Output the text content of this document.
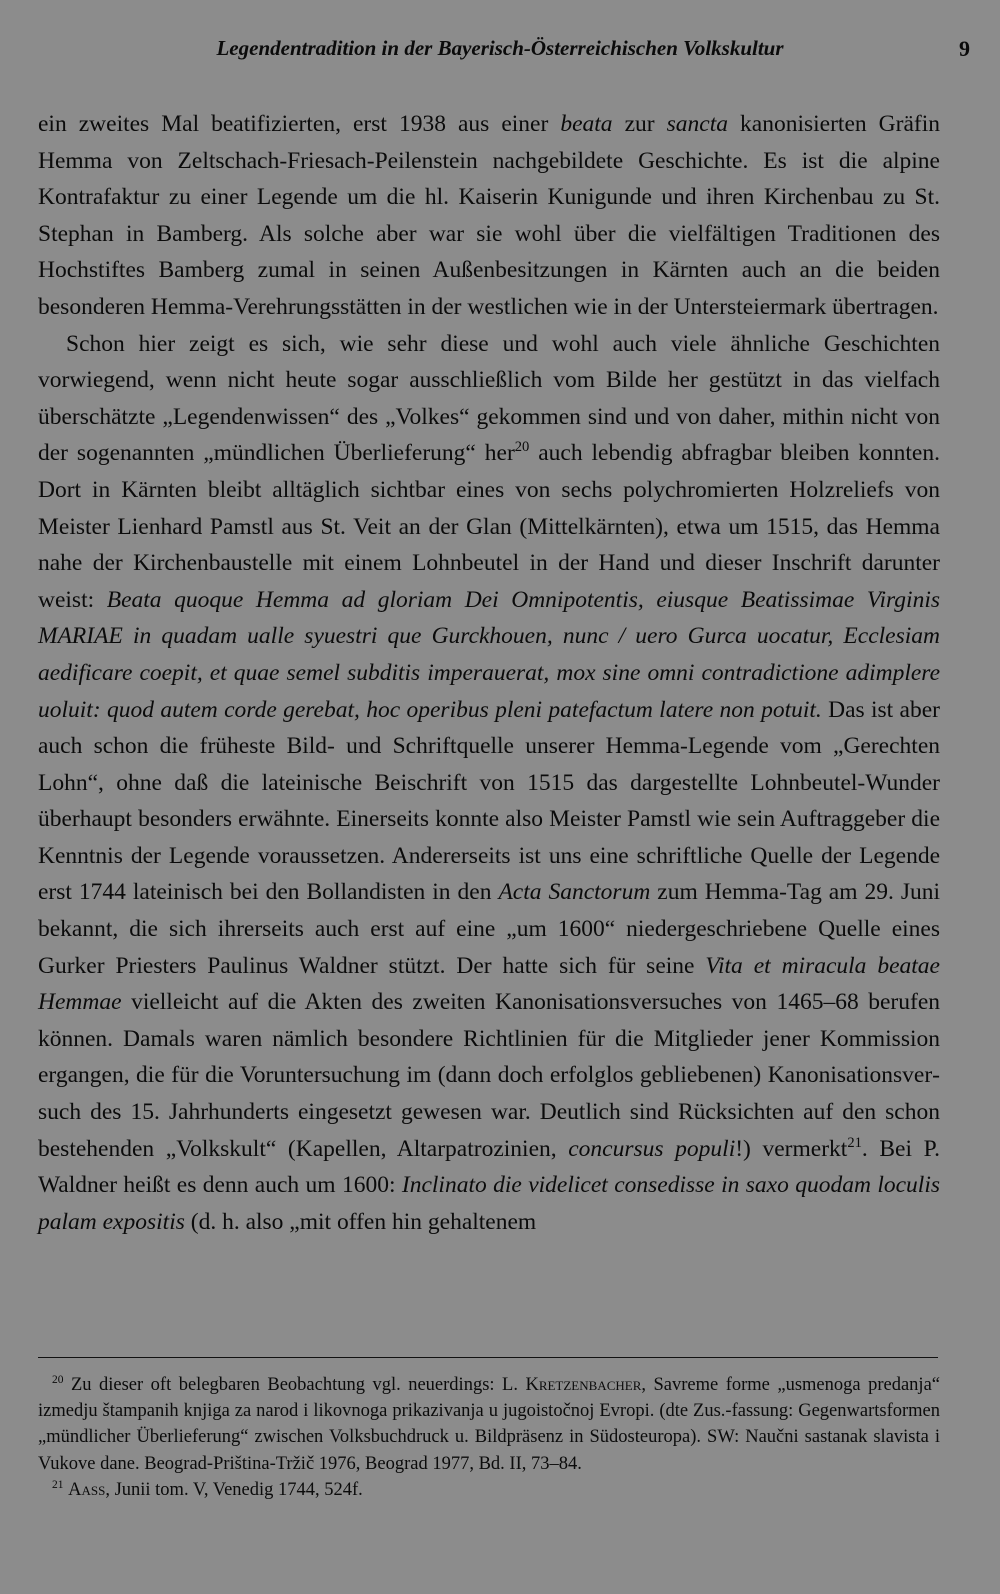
Legendentradition in der Bayerisch-Österreichischen Volkskultur	9

ein zweites Mal beatifizierten, erst 1938 aus einer beata zur sancta kanonisierten Gräfin Hemma von Zeltschach-Friesach-Peilenstein nachgebildete Geschichte. Es ist die alpine Kontrafaktur zu einer Legende um die hl. Kaiserin Kunigunde und ihren Kirchenbau zu St. Stephan in Bamberg. Als solche aber war sie wohl über die vielfältigen Traditionen des Hochstiftes Bamberg zumal in seinen Außenbesitzungen in Kärnten auch an die beiden besonderen Hemma-Verehrungsstätten in der westlichen wie in der Untersteiermark übertragen.

Schon hier zeigt es sich, wie sehr diese und wohl auch viele ähnliche Geschichten vorwiegend, wenn nicht heute sogar ausschließlich vom Bilde her gestützt in das vielfach überschätzte „Legendenwissen“ des „Volkes“ gekommen sind und von daher, mithin nicht von der sogenannten „mündlichen Überlieferung“ her$^{20}$ auch lebendig abfragbar bleiben konnten. Dort in Kärnten bleibt alltäglich sichtbar eines von sechs polychromierten Holzreliefs von Meister Lienhard Pamstl aus St. Veit an der Glan (Mittelkärnten), etwa um 1515, das Hemma nahe der Kirchenbaustelle mit einem Lohnbeutel in der Hand und dieser Inschrift darunter weist: Beata quoque Hemma ad gloriam Dei Omnipotentis, eiusque Beatissimae Virginis MARIAE in quadam ualle syuestri que Gurckhouen, nunc / uero Gurca uocatur, Ecclesiam aedificare coepit, et quae semel subditis imperauerat, mox sine omni contradictione adimplere uoluit: quod autem corde gerebat, hoc operibus pleni patefactum latere non potuit. Das ist aber auch schon die früheste Bild- und Schriftquelle unserer Hemma-Legende vom „Gerechten Lohn“, ohne daß die lateinische Beischrift von 1515 das dargestellte Lohnbeutel-Wunder überhaupt besonders erwähnte. Einerseits konnte also Meister Pamstl wie sein Auftraggeber die Kenntnis der Legende voraussetzen. Andererseits ist uns eine schriftliche Quelle der Legende erst 1744 lateinisch bei den Bollandisten in den Acta Sanctorum zum Hemma-Tag am 29. Juni bekannt, die sich ihrerseits auch erst auf eine „um 1600“ niedergeschriebene Quelle eines Gurker Priesters Paulinus Waldner stützt. Der hatte sich für seine Vita et miracula beatae Hemmae vielleicht auf die Akten des zweiten Kanonisationsversuches von 1465–68 berufen können. Damals waren nämlich besondere Richtlinien für die Mitglieder jener Kommission ergangen, die für die Voruntersuchung im (dann doch erfolglos gebliebenen) Kanonisationsversuch des 15. Jahrhunderts eingesetzt gewesen war. Deutlich sind Rücksichten auf den schon bestehenden „Volkskult“ (Kapellen, Altarpatrozinien, concursus populi!) vermerkt$^{21}$. Bei P. Waldner heißt es denn auch um 1600: Inclinato die videlicet consedisse in saxo quodam loculis palam expositis (d. h. also „mit offen hin gehaltenem

$^{20}$ Zu dieser oft belegbaren Beobachtung vgl. neuerdings: L. Kretzenbacher, Savreme forme „usmenoga predanja“ izmedju štampanih knjiga za narod i likovnoga prikazivanja u jugoistočnoj Evropi. (dte Zus.-fassung: Gegenwartsformen „mündlicher Überlieferung“ zwischen Volksbuchdruck u. Bildpräsenz in Südosteuropa). SW: Naučni sastanak slavista i Vukove dane. Beograd-Priština-Tržič 1976, Beograd 1977, Bd. II, 73–84.

$^{21}$ Aass, Junii tom. V, Venedig 1744, 524f.
